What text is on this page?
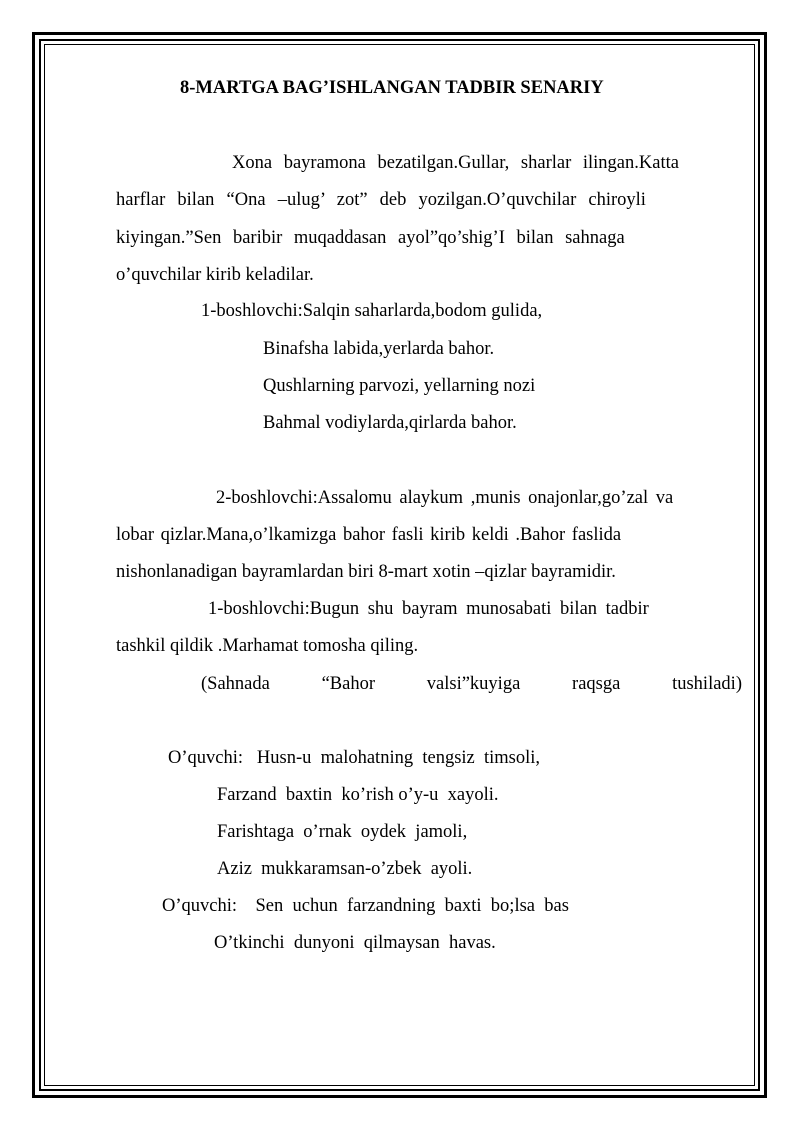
8-MARTGA BAG’ISHLANGAN TADBIR SENARIY
Xona bayramona bezatilgan.Gullar, sharlar ilingan.Katta
harflar bilan “Ona –ulug’ zot” deb yozilgan.O’quvchilar chiroyli
kiyingan.”Sen baribir muqaddasan ayol”qo’shig’I bilan sahnaga
o’quvchilar kirib keladilar.
1-boshlovchi:Salqin saharlarda,bodom gulida,
Binafsha labida,yerlarda bahor.
Qushlarning parvozi, yellarning nozi
Bahmal vodiylarda,qirlarda bahor.
2-boshlovchi:Assalomu alaykum ,munis onajonlar,go’zal va
lobar qizlar.Mana,o’lkamizga bahor fasli kirib keldi .Bahor faslida
nishonlanadigan bayramlardan biri 8-mart xotin –qizlar bayramidir.
1-boshlovchi:Bugun shu bayram munosabati bilan tadbir
tashkil qildik .Marhamat tomosha qiling.
(Sahnada	“Bahor	valsi”kuyiga	raqsga	tushiladi)
O’quvchi:   Husn-u  malohatning  tengsiz  timsoli,
Farzand  baxtin  ko’rish o’y-u  xayoli.
Farishtaga  o’rnak  oydek  jamoli,
Aziz  mukkaramsan-o’zbek  ayoli.
O’quvchi:    Sen  uchun  farzandning  baxti  bo;lsa  bas
O’tkinchi  dunyoni  qilmaysan  havas.
